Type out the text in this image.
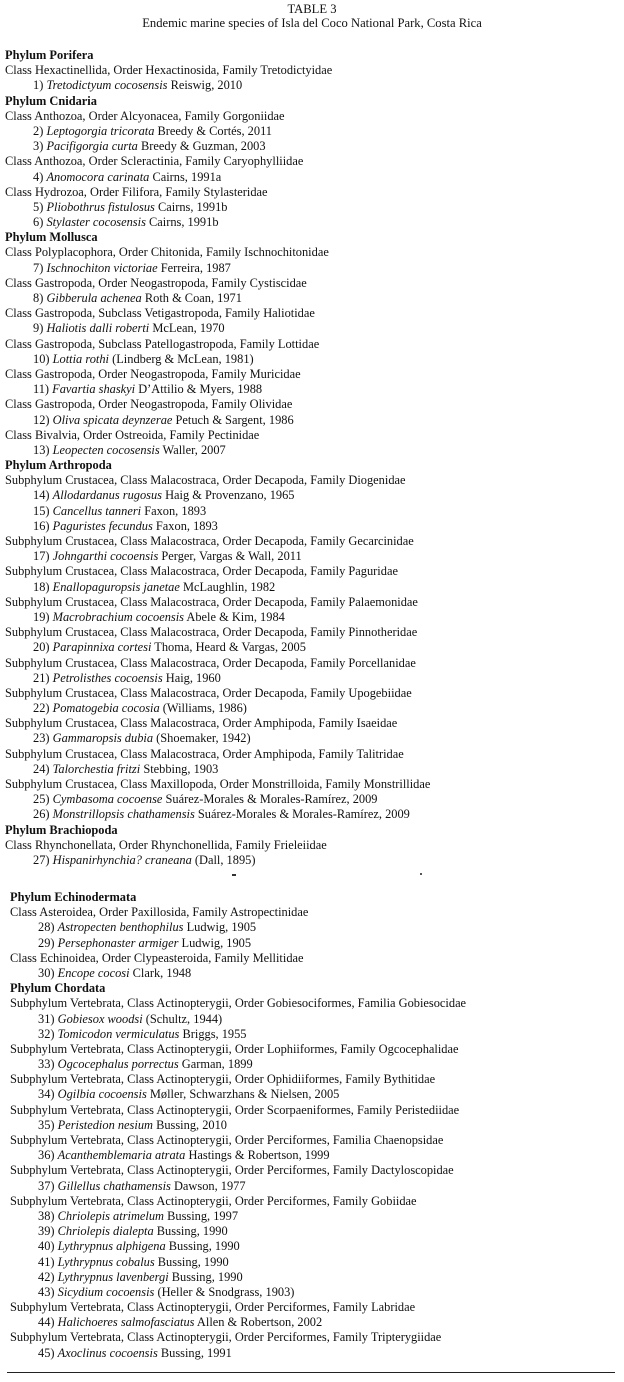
TABLE 3
Endemic marine species of Isla del Coco National Park, Costa Rica
Phylum Porifera
Class Hexactinellida, Order Hexactinosida, Family Tretodictyidae
1) Tretodictyum cocosensis Reiswig, 2010
Phylum Cnidaria
Class Anthozoa, Order Alcyonacea, Family Gorgoniidae
2) Leptogorgia tricorata Breedy & Cortés, 2011
3) Pacifigorgia curta Breedy & Guzman, 2003
Class Anthozoa, Order Scleractinia, Family Caryophylliidae
4) Anomocora carinata Cairns, 1991a
Class Hydrozoa, Order Filifora, Family Stylasteridae
5) Pliobothrus fistulosus Cairns, 1991b
6) Stylaster cocosensis Cairns, 1991b
Phylum Mollusca
Class Polyplacophora, Order Chitonida, Family Ischnochitonidae
7) Ischnochiton victoriae Ferreira, 1987
Class Gastropoda, Order Neogastropoda, Family Cystiscidae
8) Gibberula achenea Roth & Coan, 1971
Class Gastropoda, Subclass Vetigastropoda, Family Haliotidae
9) Haliotis dalli roberti McLean, 1970
Class Gastropoda, Subclass Patellogastropoda, Family Lottidae
10) Lottia rothi (Lindberg & McLean, 1981)
Class Gastropoda, Order Neogastropoda, Family Muricidae
11) Favartia shaskyi D’Attilio & Myers, 1988
Class Gastropoda, Order Neogastropoda, Family Olividae
12) Oliva spicata deynzerae Petuch & Sargent, 1986
Class Bivalvia, Order Ostreoida, Family Pectinidae
13) Leopecten cocosensis Waller, 2007
Phylum Arthropoda
Subphylum Crustacea, Class Malacostraca, Order Decapoda, Family Diogenidae
14) Allodardanus rugosus Haig & Provenzano, 1965
15) Cancellus tanneri Faxon, 1893
16) Paguristes fecundus Faxon, 1893
Subphylum Crustacea, Class Malacostraca, Order Decapoda, Family Gecarcinidae
17) Johngarthi cocoensis Perger, Vargas & Wall, 2011
Subphylum Crustacea, Class Malacostraca, Order Decapoda, Family Paguridae
18) Enallopaguropsis janetae McLaughlin, 1982
Subphylum Crustacea, Class Malacostraca, Order Decapoda, Family Palaemonidae
19) Macrobrachium cocoensis Abele & Kim, 1984
Subphylum Crustacea, Class Malacostraca, Order Decapoda, Family Pinnotheridae
20) Parapinnixa cortesi Thoma, Heard & Vargas, 2005
Subphylum Crustacea, Class Malacostraca, Order Decapoda, Family Porcellanidae
21) Petrolisthes cocoensis Haig, 1960
Subphylum Crustacea, Class Malacostraca, Order Decapoda, Family Upogebiidae
22) Pomatogebia cocosia (Williams, 1986)
Subphylum Crustacea, Class Malacostraca, Order Amphipoda, Family Isaeidae
23) Gammaropsis dubia (Shoemaker, 1942)
Subphylum Crustacea, Class Malacostraca, Order Amphipoda, Family Talitridae
24) Talorchestia fritzi Stebbing, 1903
Subphylum Crustacea, Class Maxillopoda, Order Monstrilloida, Family Monstrillidae
25) Cymbasoma cocoense Suárez-Morales & Morales-Ramírez, 2009
26) Monstrillopsis chathamensis Suárez-Morales & Morales-Ramírez, 2009
Phylum Brachiopoda
Class Rhynchonellata, Order Rhynchonellida, Family Frieleiidae
27) Hispanirhynchia? craneana (Dall, 1895)
Phylum Echinodermata
Class Asteroidea, Order Paxillosida, Family Astropectinidae
28) Astropecten benthophilus Ludwig, 1905
29) Persephonaster armiger Ludwig, 1905
Class Echinoidea, Order Clypeasteroida, Family Mellitidae
30) Encope cocosi Clark, 1948
Phylum Chordata
Subphylum Vertebrata, Class Actinopterygii, Order Gobiesociformes, Familia Gobiesocidae
31) Gobiesox woodsi (Schultz, 1944)
32) Tomicodon vermiculatus Briggs, 1955
Subphylum Vertebrata, Class Actinopterygii, Order Lophiiformes, Family Ogcocephalidae
33) Ogcocephalus porrectus Garman, 1899
Subphylum Vertebrata, Class Actinopterygii, Order Ophidiiformes, Family Bythitidae
34) Ogilbia cocoensis Møller, Schwarzhans & Nielsen, 2005
Subphylum Vertebrata, Class Actinopterygii, Order Scorpaeniformes, Family Peristediidae
35) Peristedion nesium Bussing, 2010
Subphylum Vertebrata, Class Actinopterygii, Order Perciformes, Familia Chaenopsidae
36) Acanthemblemaria atrata Hastings & Robertson, 1999
Subphylum Vertebrata, Class Actinopterygii, Order Perciformes, Family Dactyloscopidae
37) Gillellus chathamensis Dawson, 1977
Subphylum Vertebrata, Class Actinopterygii, Order Perciformes, Family Gobiidae
38) Chriolepis atrimelum Bussing, 1997
39) Chriolepis dialepta Bussing, 1990
40) Lythrypnus alphigena Bussing, 1990
41) Lythrypnus cobalus Bussing, 1990
42) Lythrypnus lavenbergi Bussing, 1990
43) Sicydium cocoensis (Heller & Snodgrass, 1903)
Subphylum Vertebrata, Class Actinopterygii, Order Perciformes, Family Labridae
44) Halichoeres salmofasciatus Allen & Robertson, 2002
Subphylum Vertebrata, Class Actinopterygii, Order Perciformes, Family Tripterygiidae
45) Axoclinus cocoensis Bussing, 1991
